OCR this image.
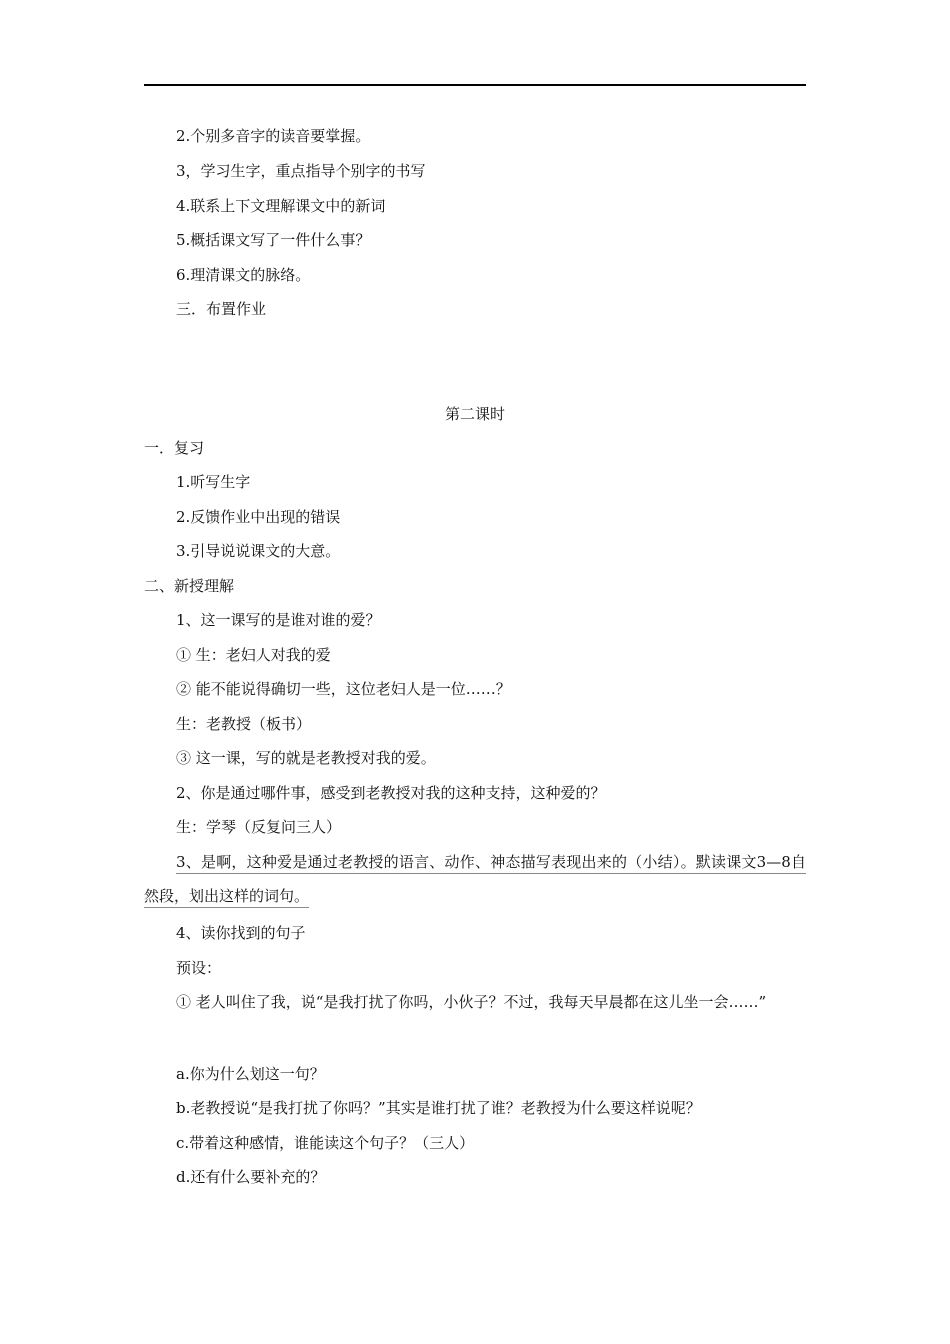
2.个别多音字的读音要掌握。
3，学习生字，重点指导个别字的书写
4.联系上下文理解课文中的新词
5.概括课文写了一件什么事？
6.理清课文的脉络。
三．布置作业
第二课时
一．复习
1.听写生字
2.反馈作业中出现的错误
3.引导说说课文的大意。
二、新授理解
1、这一课写的是谁对谁的爱？
① 生：老妇人对我的爱
② 能不能说得确切一些，这位老妇人是一位……？
生：老教授（板书）
③ 这一课，写的就是老教授对我的爱。
2、你是通过哪件事，感受到老教授对我的这种支持，这种爱的？
生：学琴（反复问三人）
3、是啊，这种爱是通过老教授的语言、动作、神态描写表现出来的（小结）。默读课文3—8自然段，划出这样的词句。
4、读你找到的句子
预设：
① 老人叫住了我，说“是我打扰了你吗，小伙子？不过，我每天早晨都在这儿坐一会……”
a.你为什么划这一句？
b.老教授说“是我打扰了你吗？”其实是谁打扰了谁？老教授为什么要这样说呢？
c.带着这种感情，谁能读这个句子？（三人）
d.还有什么要补充的？
